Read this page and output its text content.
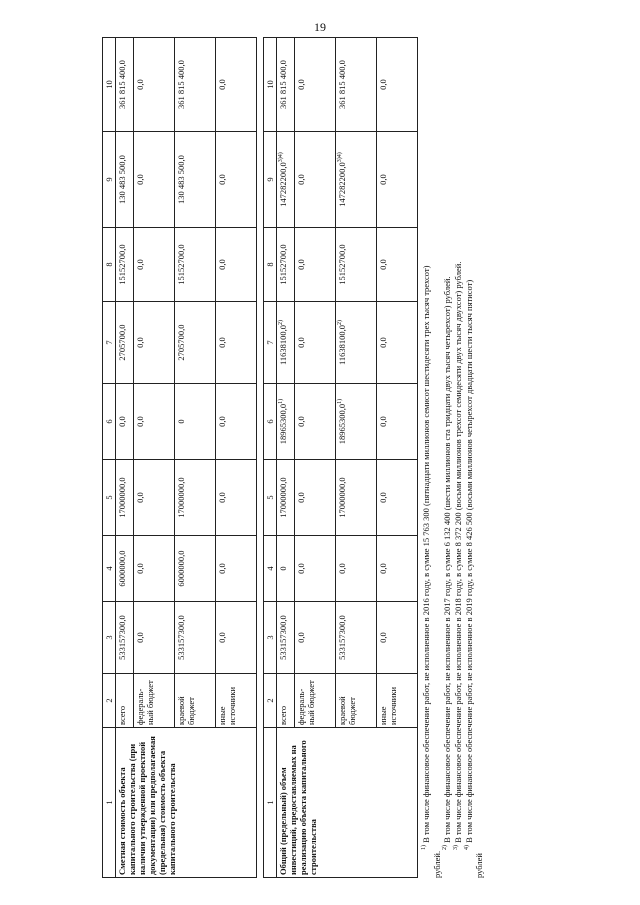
19
1	2	3	4	5	6	7	8	9	10
Сметная стоимость объекта капитального строительства (при наличии утвержденной проектной документации) или предполагаемая (предельная) стоимость объекта капитального строительства	всего	533157300,0	6000000,0	17000000,0	0,0	2705700,0	15152700,0	130 483 500,0	361 815 400,0
	федераль-ный бюджет	0,0	0,0	0,0	0,0	0,0	0,0	0,0	0,0
	краевой бюджет	533157300,0	6000000,0	17000000,0	0	2705700,0	15152700,0	130 483 500,0	361 815 400,0
	иные источники	0,0	0,0	0,0	0,0	0,0	0,0	0,0	0,0

1	2	3	4	5	6	7	8	9	10
Общий (предельный) объем инвестиций, предоставляемых на реализацию объекта капитального строительства	всего	533157300,0	0	17000000,0	18965300,0$^{1)}$	11638100,0$^{2)}$	15152700,0	$147282200,0^{3)4)}$	361 815 400,0
	федераль-ный бюджет	0,0	0,0	0,0	0,0	0,0	0,0	0,0	0,0
	краевой бюджет	533157300,0	0,0	17000000,0	18965300,0$^{1)}$	11638100,0$^{2)}$	15152700,0	$147282200,0^{3)4)}$	361 815 400,0
	иные источники	0,0	0,0	0,0	0,0	0,0	0,0	0,0	0,0
$^{1)}$ В том числе финансовое обеспечение работ, не исполненное в 2016 году, в сумме 15 763 300 (пятнадцати миллионов семисот шестидесяти трех тысяч трехсот)
рублей.
$^{2)}$ В том числе финансовое обеспечение работ, не исполненное в 2017 году, в сумме 6 132 400 (шести миллионов ста тридцати двух тысяч четырехсот) рублей.
$^{3)}$ В том числе финансовое обеспечение работ, не исполненное в 2018 году, в сумме 8 372 200 (восьми миллионов трехсот семидесяти двух тысяч двухсот) рублей.
$^{4)}$ В том числе финансовое обеспечение работ, не исполненное в 2019 году, в сумме 8 426 500 (восьми миллионов четырехсот двадцати шести тысяч пятисот)
рублей
